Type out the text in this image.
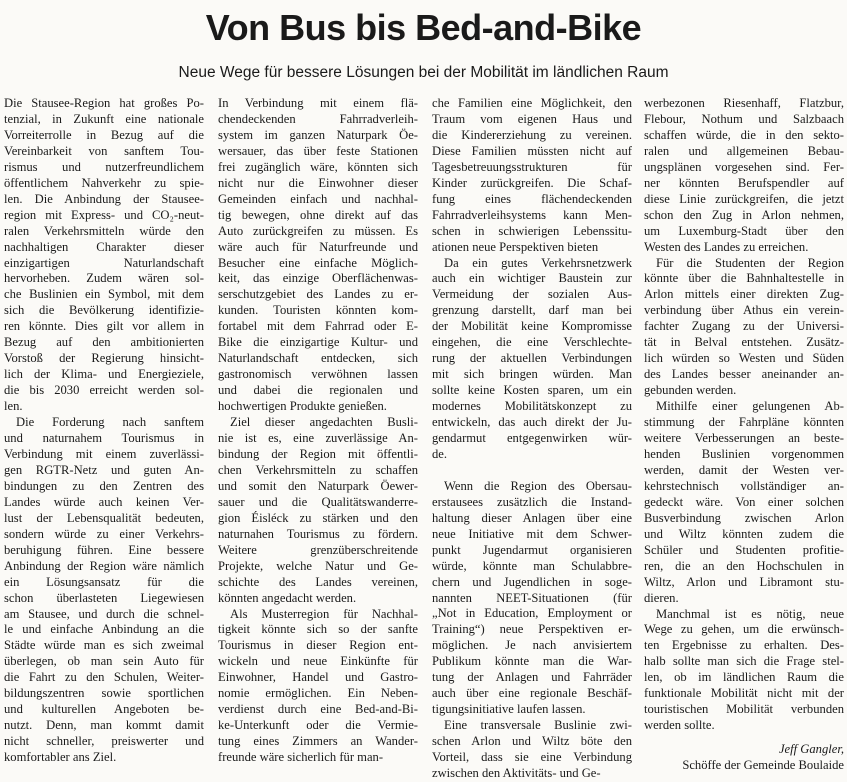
Von Bus bis Bed-and-Bike
Neue Wege für bessere Lösungen bei der Mobilität im ländlichen Raum

Die Stausee-Region hat großes Po-

tenzial, in Zukunft eine nationale

Vorreiterrolle in Bezug auf die

Vereinbarkeit von sanftem Tou-

rismus und nutzerfreundlichem

öffentlichem Nahverkehr zu spie-

len. Die Anbindung der Stausee-

region mit Express- und CO₂-neut-

ralen Verkehrsmitteln würde den

nachhaltigen Charakter dieser

einzigartigen Naturlandschaft

hervorheben. Zudem wären sol-

che Buslinien ein Symbol, mit dem

sich die Bevölkerung identifizie-

ren könnte. Dies gilt vor allem in

Bezug auf den ambitionierten

Vorstoß der Regierung hinsicht-

lich der Klima- und Energieziele,

die bis 2030 erreicht werden sol-

len.

Die Forderung nach sanftem

und naturnahem Tourismus in

Verbindung mit einem zuverlässi-

gen RGTR-Netz und guten An-

bindungen zu den Zentren des

Landes würde auch keinen Ver-

lust der Lebensqualität bedeuten,

sondern würde zu einer Verkehrs-

beruhigung führen. Eine bessere

Anbindung der Region wäre nämlich

ein Lösungsansatz für die

schon überlasteten Liegewiesen

am Stausee, und durch die schnel-

le und einfache Anbindung an die

Städte würde man es sich zweimal

überlegen, ob man sein Auto für

die Fahrt zu den Schulen, Weiter-

bildungszentren sowie sportlichen

und kulturellen Angeboten be-

nutzt. Denn, man kommt damit

nicht schneller, preiswerter und

komfortabler ans Ziel.

In Verbindung mit einem flä-

chendeckenden Fahrradverleih-

system im ganzen Naturpark Öe-

wersauer, das über feste Stationen

frei zugänglich wäre, könnten sich

nicht nur die Einwohner dieser

Gemeinden einfach und nachhal-

tig bewegen, ohne direkt auf das

Auto zurückgreifen zu müssen. Es

wäre auch für Naturfreunde und

Besucher eine einfache Möglich-

keit, das einzige Oberflächenwas-

serschutzgebiet des Landes zu er-

kunden. Touristen könnten kom-

fortabel mit dem Fahrrad oder E-

Bike die einzigartige Kultur- und

Naturlandschaft entdecken, sich

gastronomisch verwöhnen lassen

und dabei die regionalen und

hochwertigen Produkte genießen.

Ziel dieser angedachten Busli-

nie ist es, eine zuverlässige An-

bindung der Region mit öffentli-

chen Verkehrsmitteln zu schaffen

und somit den Naturpark Öewer-

sauer und die Qualitätswanderre-

gion Éisléck zu stärken und den

naturnahen Tourismus zu fördern.

Weitere grenzüberschreitende

Projekte, welche Natur und Ge-

schichte des Landes vereinen,

könnten angedacht werden.

Als Musterregion für Nachhal-

tigkeit könnte sich so der sanfte

Tourismus in dieser Region ent-

wickeln und neue Einkünfte für

Einwohner, Handel und Gastro-

nomie ermöglichen. Ein Neben-

verdienst durch eine Bed-and-Bi-

ke-Unterkunft oder die Vermie-

tung eines Zimmers an Wander-

freunde wäre sicherlich für man-

che Familien eine Möglichkeit, den

Traum vom eigenen Haus und

die Kindererziehung zu vereinen.

Diese Familien müssten nicht auf

Tagesbetreuungsstrukturen für

Kinder zurückgreifen. Die Schaf-

fung eines flächendeckenden

Fahrradverleihsystems kann Men-

schen in schwierigen Lebenssitu-

ationen neue Perspektiven bieten

Da ein gutes Verkehrsnetzwerk

auch ein wichtiger Baustein zur

Vermeidung der sozialen Aus-

grenzung darstellt, darf man bei

der Mobilität keine Kompromisse

eingehen, die eine Verschlechte-

rung der aktuellen Verbindungen

mit sich bringen würden. Man

sollte keine Kosten sparen, um ein

modernes Mobilitätskonzept zu

entwickeln, das auch direkt der Ju-

gendarmut entgegenwirken wür-

de.

Wenn die Region des Obersau-

erstausees zusätzlich die Instand-

haltung dieser Anlagen über eine

neue Initiative mit dem Schwer-

punkt Jugendarmut organisieren

würde, könnte man Schulabbre-

chern und Jugendlichen in soge-

nannten NEET-Situationen (für

„Not in Education, Employment or

Training“) neue Perspektiven er-

möglichen. Je nach anvisiertem

Publikum könnte man die War-

tung der Anlagen und Fahrräder

auch über eine regionale Beschäf-

tigungsinitiative laufen lassen.

Eine transversale Buslinie zwi-

schen Arlon und Wiltz böte den

Vorteil, dass sie eine Verbindung

zwischen den Aktivitäts- und Ge-

werbezonen Riesenhaff, Flatzbur,

Flebour, Nothum und Salzbaach

schaffen würde, die in den sekto-

ralen und allgemeinen Bebau-

ungsplänen vorgesehen sind. Fer-

ner könnten Berufspendler auf

diese Linie zurückgreifen, die jetzt

schon den Zug in Arlon nehmen,

um Luxemburg-Stadt über den

Westen des Landes zu erreichen.

Für die Studenten der Region

könnte über die Bahnhaltestelle in

Arlon mittels einer direkten Zug-

verbindung über Athus ein verein-

fachter Zugang zu der Universi-

tät in Belval entstehen. Zusätz-

lich würden so Westen und Süden

des Landes besser aneinander an-

gebunden werden.

Mithilfe einer gelungenen Ab-

stimmung der Fahrpläne könnten

weitere Verbesserungen an beste-

henden Buslinien vorgenommen

werden, damit der Westen ver-

kehrstechnisch vollständiger an-

gedeckt wäre. Von einer solchen

Busverbindung zwischen Arlon

und Wiltz könnten zudem die

Schüler und Studenten profitie-

ren, die an den Hochschulen in

Wiltz, Arlon und Libramont stu-

dieren.

Manchmal ist es nötig, neue

Wege zu gehen, um die erwünsch-

ten Ergebnisse zu erhalten. Des-

halb sollte man sich die Frage stel-

len, ob im ländlichen Raum die

funktionale Mobilität nicht mit der

touristischen Mobilität verbunden

werden sollte.

Jeff Gangler,

Schöffe der Gemeinde Boulaide
